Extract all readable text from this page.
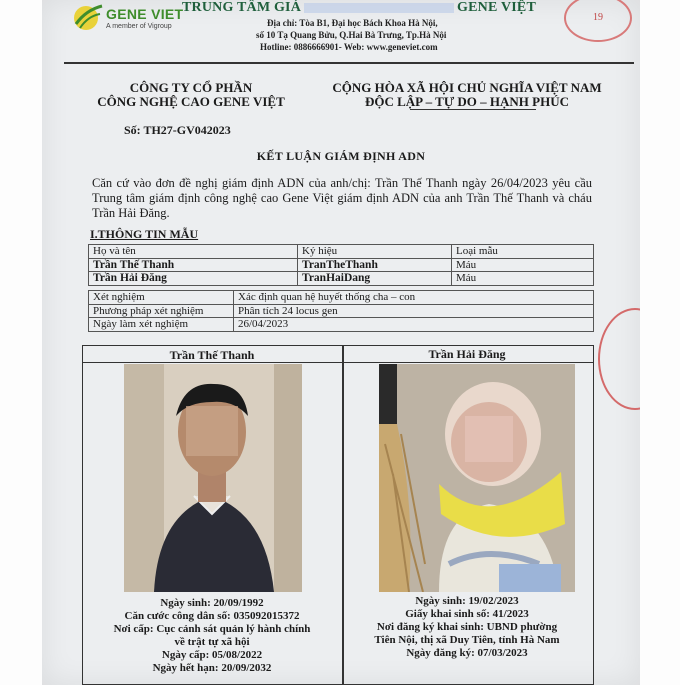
GENE VIET
A member of Vigroup
TRUNG TÂM GIÁ	GENE VIỆT
Địa chỉ: Tòa B1, Đại học Bách Khoa Hà Nội,
số 10 Tạ Quang Bửu, Q.Hai Bà Trưng, Tp.Hà Nội
Hotline: 0886666901- Web: www.geneviet.com
19
CÔNG TY CỔ PHẦN
CÔNG NGHỆ CAO GENE VIỆT
CỘNG HÒA XÃ HỘI CHỦ NGHĨA VIỆT NAM
ĐỘC LẬP – TỰ DO – HẠNH PHÚC
Số: TH27-GV042023
KẾT LUẬN GIÁM ĐỊNH ADN
Căn cứ vào đơn đề nghị giám định ADN của anh/chị: Trần Thế Thanh ngày 26/04/2023 yêu cầu Trung tâm giám định công nghệ cao Gene Việt giám định ADN của anh Trần Thế Thanh và cháu Trần Hải Đăng.
I.THÔNG TIN MẪU
Họ và tên	Ký hiệu	Loại mẫu
Trần Thế Thanh	TranTheThanh	Máu
Trần Hải Đăng	TranHaiDang	Máu
Xét nghiệm	Xác định quan hệ huyết thống cha – con
Phương pháp xét nghiệm	Phân tích 24 locus gen
Ngày làm xét nghiệm	26/04/2023
Trần Thế Thanh	Trần Hải Đăng
Ngày sinh: 20/09/1992
Căn cước công dân số: 035092015372
Nơi cấp: Cục cảnh sát quản lý hành chính
về trật tự xã hội
Ngày cấp: 05/08/2022
Ngày hết hạn: 20/09/2032
Ngày sinh: 19/02/2023
Giấy khai sinh số: 41/2023
Nơi đăng ký khai sinh: UBND phường
Tiên Nội, thị xã Duy Tiên, tỉnh Hà Nam
Ngày đăng ký: 07/03/2023
